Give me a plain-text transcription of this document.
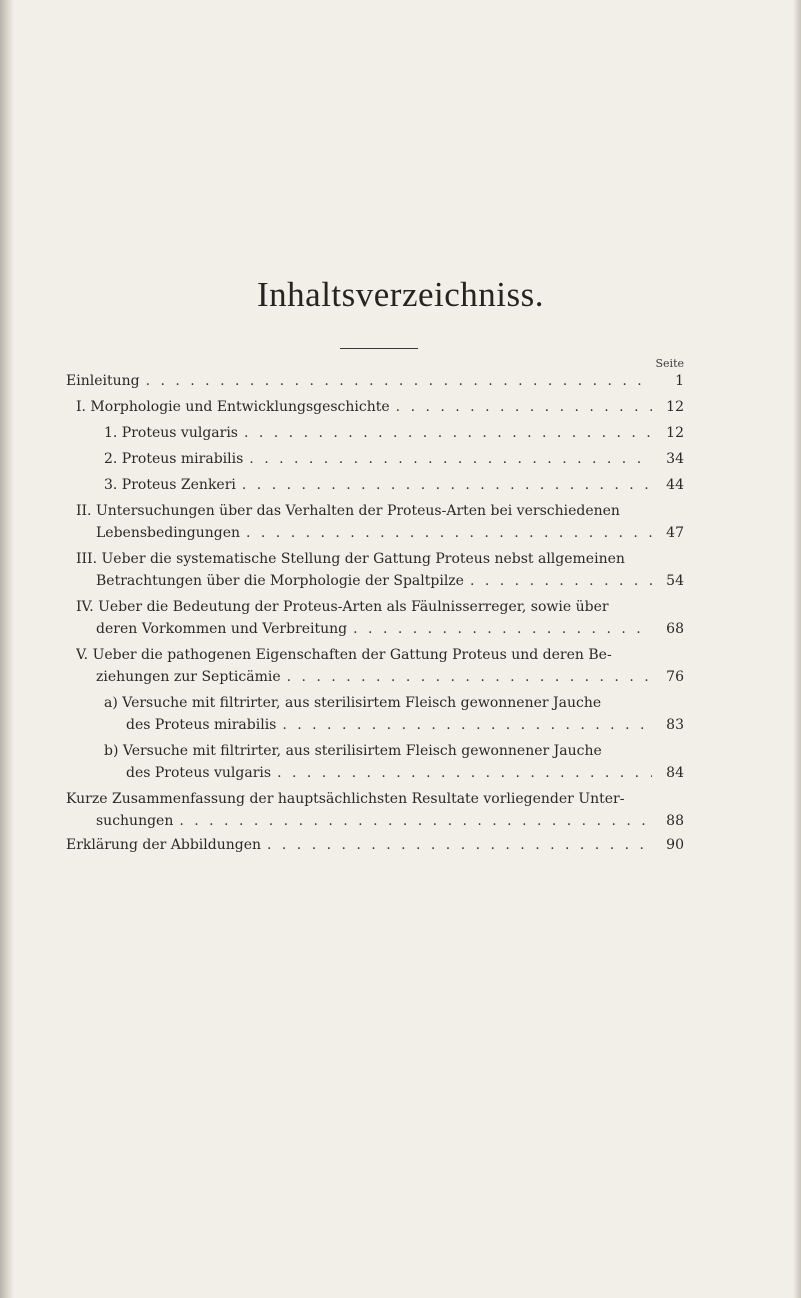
Inhaltsverzeichniss.
Seite
Einleitung . . .	1
I. Morphologie und Entwicklungsgeschichte . . .	12
1. Proteus vulgaris . . .	12
2. Proteus mirabilis . . .	34
3. Proteus Zenkeri . . .	44
II. Untersuchungen über das Verhalten der Proteus-Arten bei verschiedenen
Lebensbedingungen . . .	47
III. Ueber die systematische Stellung der Gattung Proteus nebst allgemeinen
Betrachtungen über die Morphologie der Spaltpilze . . .	54
IV. Ueber die Bedeutung der Proteus-Arten als Fäulnisserreger, sowie über
deren Vorkommen und Verbreitung . . .	68
V. Ueber die pathogenen Eigenschaften der Gattung Proteus und deren Be-
ziehungen zur Septicämie . . .	76
a) Versuche mit filtrirter, aus sterilisirtem Fleisch gewonnener Jauche
des Proteus mirabilis . . .	83
b) Versuche mit filtrirter, aus sterilisirtem Fleisch gewonnener Jauche
des Proteus vulgaris . . .	84
Kurze Zusammenfassung der hauptsächlichsten Resultate vorliegender Unter-
suchungen . . .	88
Erklärung der Abbildungen . . .	90
